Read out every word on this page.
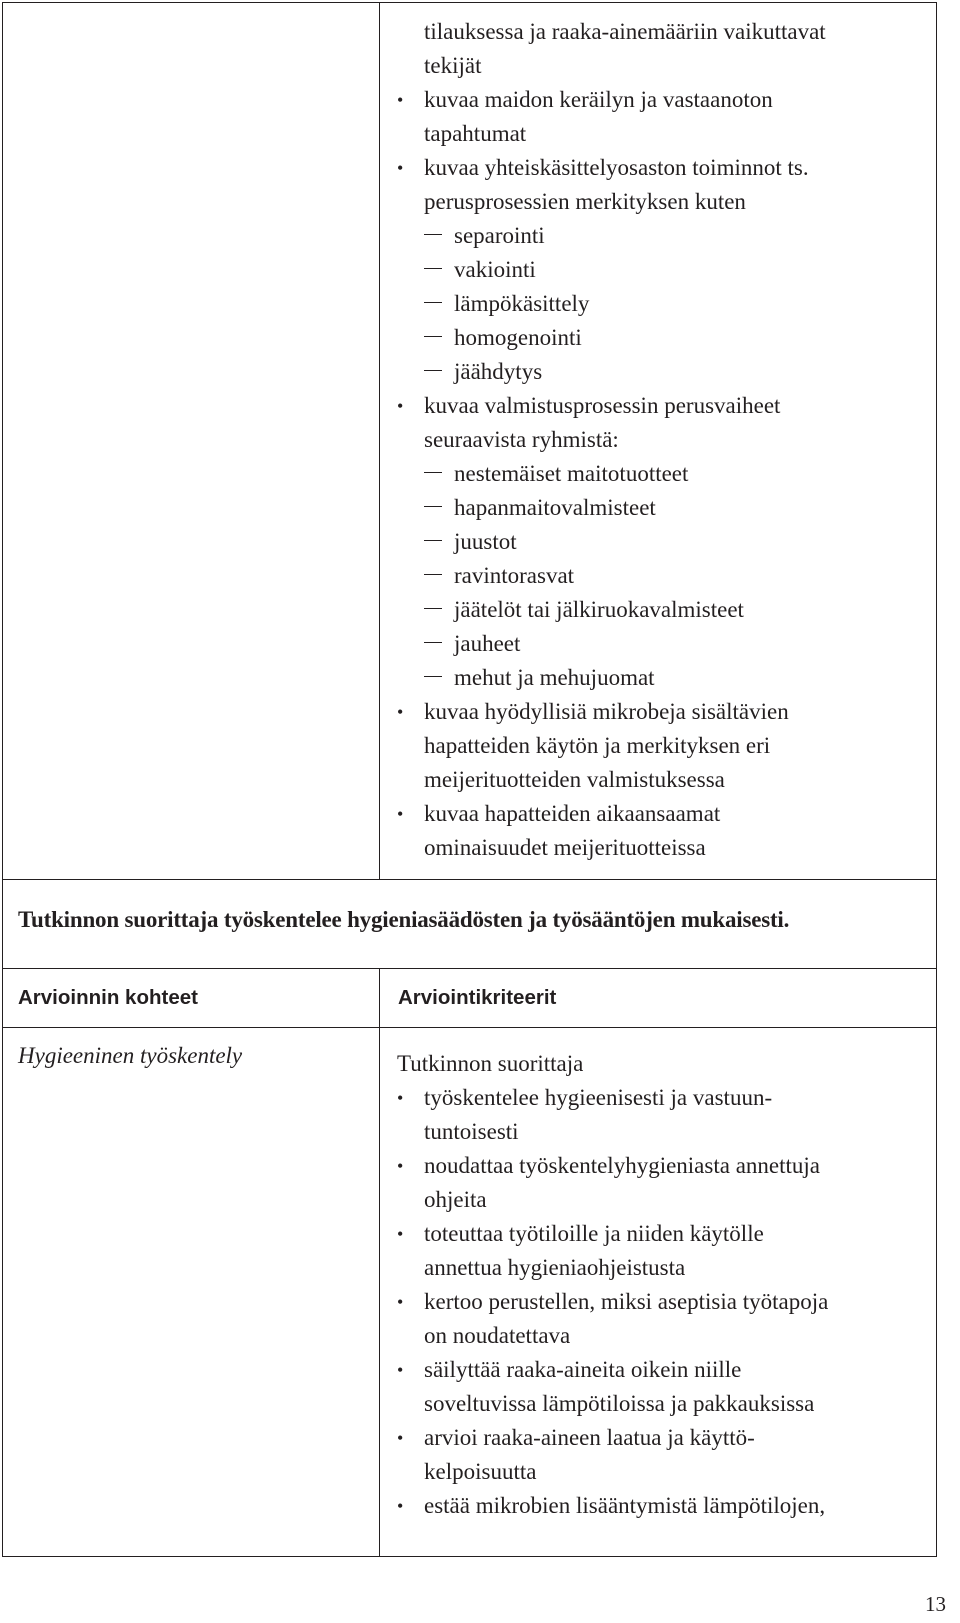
tilauksessa ja raaka-ainemääriin vaikuttavat
tekijät
• kuvaa maidon keräilyn ja vastaanoton
tapahtumat
• kuvaa yhteiskäsittelyosaston toiminnot ts.
perusprosessien merkityksen kuten
separointi
vakiointi
lämpökäsittely
homogenointi
jäähdytys
• kuvaa valmistusprosessin perusvaiheet
seuraavista ryhmistä:
nestemäiset maitotuotteet
hapanmaitovalmisteet
juustot
ravintorasvat
jäätelöt tai jälkiruokavalmisteet
jauheet
mehut ja mehujuomat
• kuvaa hyödyllisiä mikrobeja sisältävien
hapatteiden käytön ja merkityksen eri
meijerituotteiden valmistuksessa
• kuvaa hapatteiden aikaansaamat
ominaisuudet meijerituotteissa
Tutkinnon suorittaja työskentelee hygieniasäädösten ja työsääntöjen mukaisesti.
Arvioinnin kohteet	Arviointikriteerit
Hygieeninen työskentely	Tutkinnon suorittaja
• työskentelee hygieenisesti ja vastuun-
tuntoisesti
• noudattaa työskentelyhygieniasta annettuja
ohjeita
• toteuttaa työtiloille ja niiden käytölle
annettua hygieniaohjeistusta
• kertoo perustellen, miksi aseptisia työtapoja
on noudatettava
• säilyttää raaka-aineita oikein niille
soveltuvissa lämpötiloissa ja pakkauksissa
• arvioi raaka-aineen laatua ja käyttö-
kelpoisuutta
• estää mikrobien lisääntymistä lämpötilojen,
13
